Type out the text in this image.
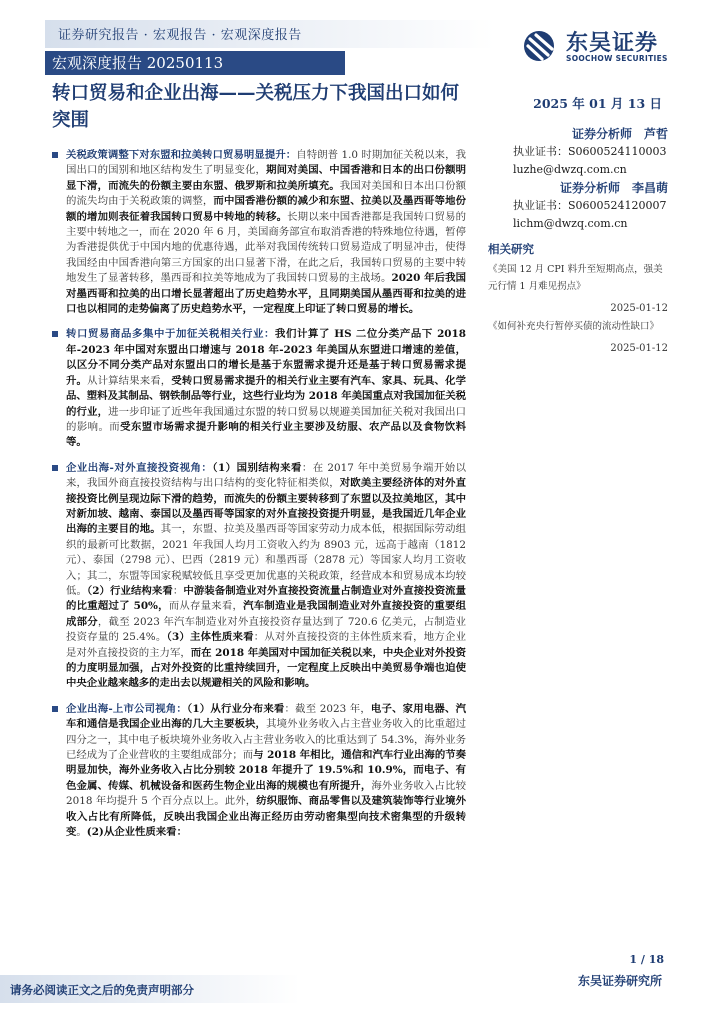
证券研究报告 · 宏观报告 · 宏观深度报告
宏观深度报告 20250113
东吴证券
SOOCHOW SECURITIES
转口贸易和企业出海——关税压力下我国出口如何突围
2025 年 01 月 13 日
证券分析师　芦哲
执业证书：S0600524110003
luzhe@dwzq.com.cn
证券分析师　李昌萌
执业证书：S0600524120007
lichm@dwzq.com.cn
相关研究
《美国 12 月 CPI 料升至短期高点，强美元行情 1 月难见拐点》
2025-01-12
《如何补充央行暂停买债的流动性缺口》
2025-01-12

关税政策调整下对东盟和拉美转口贸易明显提升：自特朗普 1.0 时期加征关税以来，我国出口的国别和地区结构发生了明显变化，期间对美国、中国香港和日本的出口份额明显下滑，而流失的份额主要由东盟、俄罗斯和拉美所填充。我国对美国和日本出口份额的流失均由于关税政策的调整，而中国香港份额的减少和东盟、拉美以及墨西哥等地份额的增加则表征着我国转口贸易中转地的转移。长期以来中国香港都是我国转口贸易的主要中转地之一，而在 2020 年 6 月，美国商务部宣布取消香港的特殊地位待遇，暂停为香港提供优于中国内地的优惠待遇，此举对我国传统转口贸易造成了明显冲击，使得我国经由中国香港向第三方国家的出口显著下滑，在此之后，我国转口贸易的主要中转地发生了显著转移，墨西哥和拉美等地成为了我国转口贸易的主战场。2020 年后我国对墨西哥和拉美的出口增长显著超出了历史趋势水平，且同期美国从墨西哥和拉美的进口也以相同的走势偏离了历史趋势水平，一定程度上印证了转口贸易的增长。

转口贸易商品多集中于加征关税相关行业：我们计算了 HS 二位分类产品下 2018 年-2023 年中国对东盟出口增速与 2018 年-2023 年美国从东盟进口增速的差值，以区分不同分类产品对东盟出口的增长是基于东盟需求提升还是基于转口贸易需求提升。从计算结果来看，受转口贸易需求提升的相关行业主要有汽车、家具、玩具、化学品、塑料及其制品、钢铁制品等行业，这些行业均为 2018 年美国重点对我国加征关税的行业，进一步印证了近些年我国通过东盟的转口贸易以规避美国加征关税对我国出口的影响。而受东盟市场需求提升影响的相关行业主要涉及纺服、农产品以及食物饮料等。

企业出海-对外直接投资视角：（1）国别结构来看：在 2017 年中美贸易争端开始以来，我国外商直接投资结构与出口结构的变化特征相类似，对欧美主要经济体的对外直接投资比例呈现边际下滑的趋势，而流失的份额主要转移到了东盟以及拉美地区，其中对新加坡、越南、泰国以及墨西哥等国家的对外直接投资提升明显，是我国近几年企业出海的主要目的地。其一，东盟、拉美及墨西哥等国家劳动力成本低，根据国际劳动组织的最新可比数据，2021 年我国人均月工资收入约为 8903 元，远高于越南（1812 元）、泰国（2798 元）、巴西（2819 元）和墨西哥（2878 元）等国家人均月工资收入；其二，东盟等国家税赋较低且享受更加优惠的关税政策，经营成本和贸易成本均较低。（2）行业结构来看：中游装备制造业对外直接投资流量占制造业对外直接投资流量的比重超过了 50%，而从存量来看，汽车制造业是我国制造业对外直接投资的重要组成部分，截至 2023 年汽车制造业对外直接投资存量达到了 720.6 亿美元，占制造业投资存量的 25.4%。（3）主体性质来看：从对外直接投资的主体性质来看，地方企业是对外直接投资的主力军，而在 2018 年美国对中国加征关税以来，中央企业对外投资的力度明显加强，占对外投资的比重持续回升，一定程度上反映出中美贸易争端也迫使中央企业越来越多的走出去以规避相关的风险和影响。

企业出海-上市公司视角：（1）从行业分布来看：截至 2023 年，电子、家用电器、汽车和通信是我国企业出海的几大主要板块，其境外业务收入占主营业务收入的比重超过四分之一，其中电子板块境外业务收入占主营业务收入的比重达到了 54.3%，海外业务已经成为了企业营收的主要组成部分；而与 2018 年相比，通信和汽车行业出海的节奏明显加快，海外业务收入占比分别较 2018 年提升了 19.5%和 10.9%，而电子、有色金属、传媒、机械设备和医药生物企业出海的规模也有所提升，海外业务收入占比较 2018 年均提升 5 个百分点以上。此外，纺织服饰、商品零售以及建筑装饰等行业境外收入占比有所降低，反映出我国企业出海正经历由劳动密集型向技术密集型的升级转变。(2)从企业性质来看：

1 / 18
请务必阅读正文之后的免责声明部分
东吴证券研究所
